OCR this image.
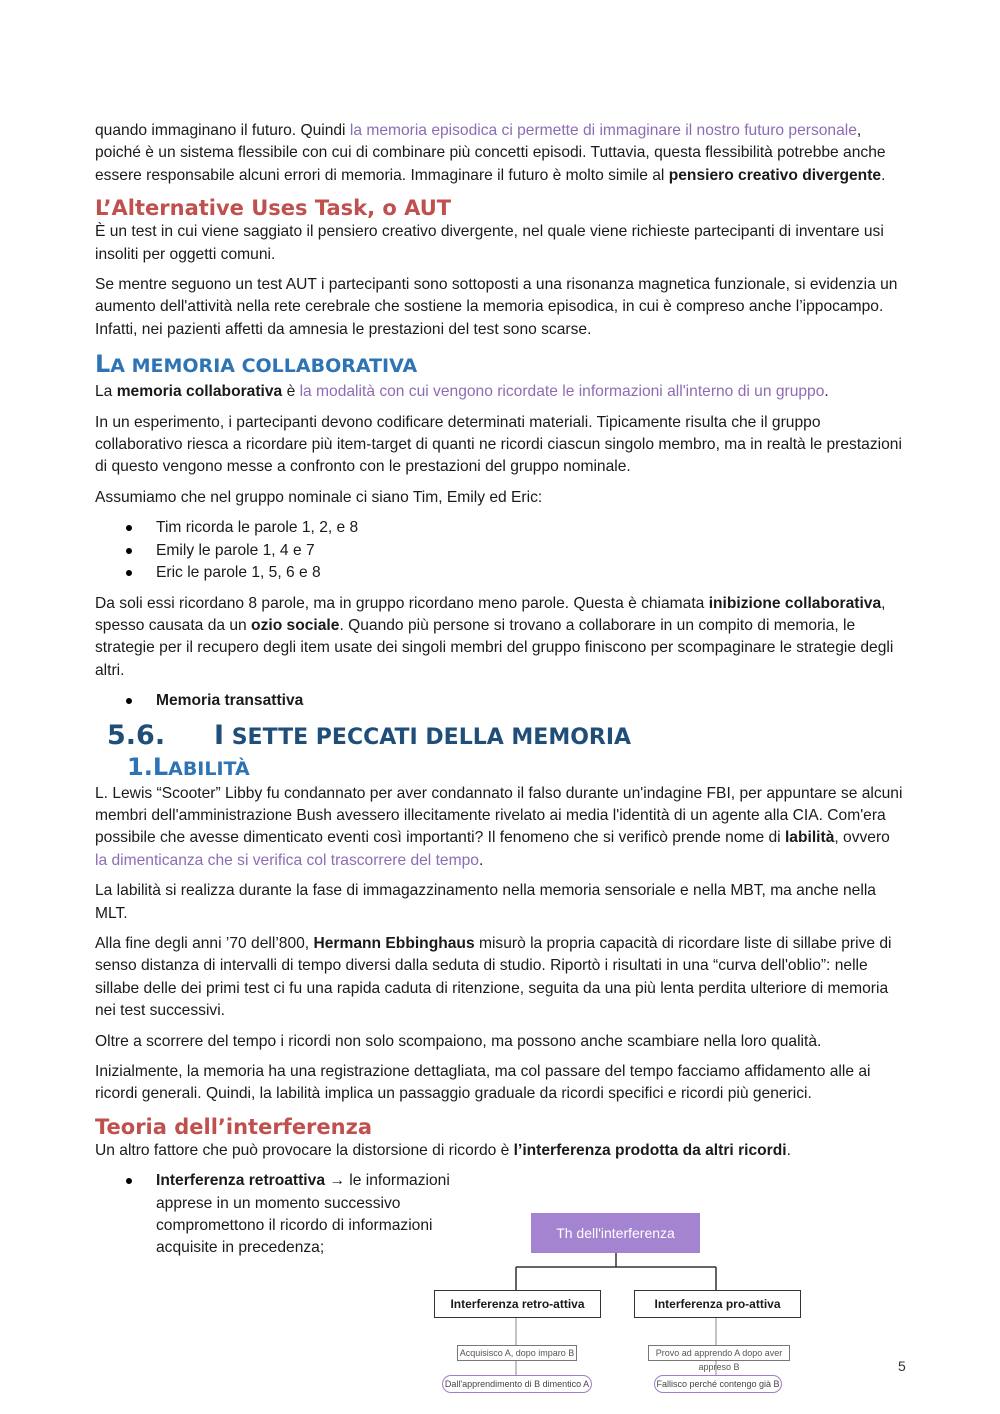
quando immaginano il futuro. Quindi la memoria episodica ci permette di immaginare il nostro futuro personale, poiché è un sistema flessibile con cui di combinare più concetti episodi. Tuttavia, questa flessibilità potrebbe anche essere responsabile alcuni errori di memoria. Immaginare il futuro è molto simile al pensiero creativo divergente.

L’Alternative Uses Task, o AUT

È un test in cui viene saggiato il pensiero creativo divergente, nel quale viene richieste partecipanti di inventare usi insoliti per oggetti comuni.

Se mentre seguono un test AUT i partecipanti sono sottoposti a una risonanza magnetica funzionale, si evidenzia un aumento dell'attività nella rete cerebrale che sostiene la memoria episodica, in cui è compreso anche l’ippocampo. Infatti, nei pazienti affetti da amnesia le prestazioni del test sono scarse.

LA MEMORIA COLLABORATIVA

La memoria collaborativa è la modalità con cui vengono ricordate le informazioni all'interno di un gruppo.

In un esperimento, i partecipanti devono codificare determinati materiali. Tipicamente risulta che il gruppo collaborativo riesca a ricordare più item-target di quanti ne ricordi ciascun singolo membro, ma in realtà le prestazioni di questo vengono messe a confronto con le prestazioni del gruppo nominale.

Assumiamo che nel gruppo nominale ci siano Tim, Emily ed Eric:

Tim ricorda le parole 1, 2, e 8
Emily le parole 1, 4 e 7
Eric le parole 1, 5, 6 e 8

Da soli essi ricordano 8 parole, ma in gruppo ricordano meno parole. Questa è chiamata inibizione collaborativa, spesso causata da un ozio sociale. Quando più persone si trovano a collaborare in un compito di memoria, le strategie per il recupero degli item usate dei singoli membri del gruppo finiscono per scompaginare le strategie degli altri.

Memoria transattiva
5.6. I SETTE PECCATI DELLA MEMORIA
1.LABILITÀ

L. Lewis “Scooter” Libby fu condannato per aver condannato il falso durante un'indagine FBI, per appuntare se alcuni membri dell'amministrazione Bush avessero illecitamente rivelato ai media l'identità di un agente alla CIA. Com'era possibile che avesse dimenticato eventi così importanti? Il fenomeno che si verificò prende nome di labilità, ovvero la dimenticanza che si verifica col trascorrere del tempo.

La labilità si realizza durante la fase di immagazzinamento nella memoria sensoriale e nella MBT, ma anche nella MLT.

Alla fine degli anni ’70 dell’800, Hermann Ebbinghaus misurò la propria capacità di ricordare liste di sillabe prive di senso distanza di intervalli di tempo diversi dalla seduta di studio. Riportò i risultati in una “curva dell'oblio”: nelle sillabe delle dei primi test ci fu una rapida caduta di ritenzione, seguita da una più lenta perdita ulteriore di memoria nei test successivi.

Oltre a scorrere del tempo i ricordi non solo scompaiono, ma possono anche scambiare nella loro qualità.

Inizialmente, la memoria ha una registrazione dettagliata, ma col passare del tempo facciamo affidamento alle ai ricordi generali. Quindi, la labilità implica un passaggio graduale da ricordi specifici e ricordi più generici.

Teoria dell’interferenza

Un altro fattore che può provocare la distorsione di ricordo è l’interferenza prodotta da altri ricordi.

Interferenza retroattiva → le informazioni apprese in un momento successivo compromettono il ricordo di informazioni acquisite in precedenza;
Th dell'interferenza
Interferenza retro-attiva	Interferenza pro-attiva
Acquisisco A, dopo imparo B	Provo ad apprendo A dopo aver appreso B
Dall'apprendimento di B dimentico A	Fallisco perché contengo già B
5
